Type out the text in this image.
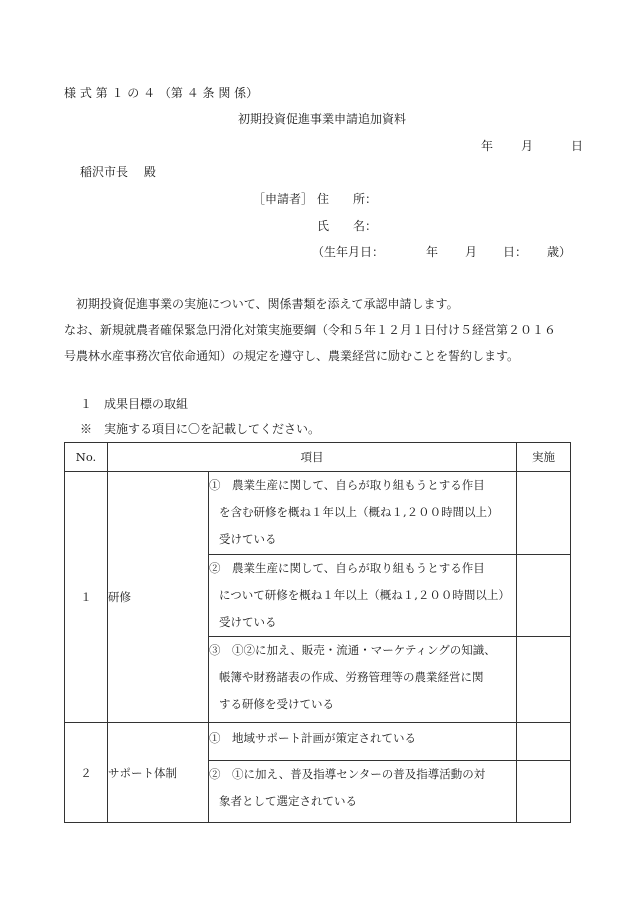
様 式 第 １ の ４ （第 ４ 条 関 係）
初期投資促進事業申請追加資料
年 月	日
稲沢市長　 殿
［申請者］ 住　　所：
氏　　名：
（生年月日：	年 月 日： 歳）
初期投資促進事業の実施について、関係書類を添えて承認申請します。
なお、新規就農者確保緊急円滑化対策実施要綱（令和５年１２月１日付け５経営第２０１６
号農林水産事務次官依命通知）の規定を遵守し、農業経営に励むことを誓約します。
１　成果目標の取組
※　実施する項目に〇を記載してください。
No.	項目		実施
１	研修	①　農業生産に関して、自らが取り組もうとする作目
を含む研修を概ね１年以上（概ね１,２００時間以上）
受けている	

		②　農業生産に関して、自らが取り組もうとする作目
について研修を概ね１年以上（概ね１,２００時間以上）
受けている	

		③　①②に加え、販売・流通・マーケティングの知識、
帳簿や財務諸表の作成、労務管理等の農業経営に関
する研修を受けている	

２	サポート体制	①　地域サポート計画が策定されている	

		②　①に加え、普及指導センターの普及指導活動の対
象者として選定されている	
